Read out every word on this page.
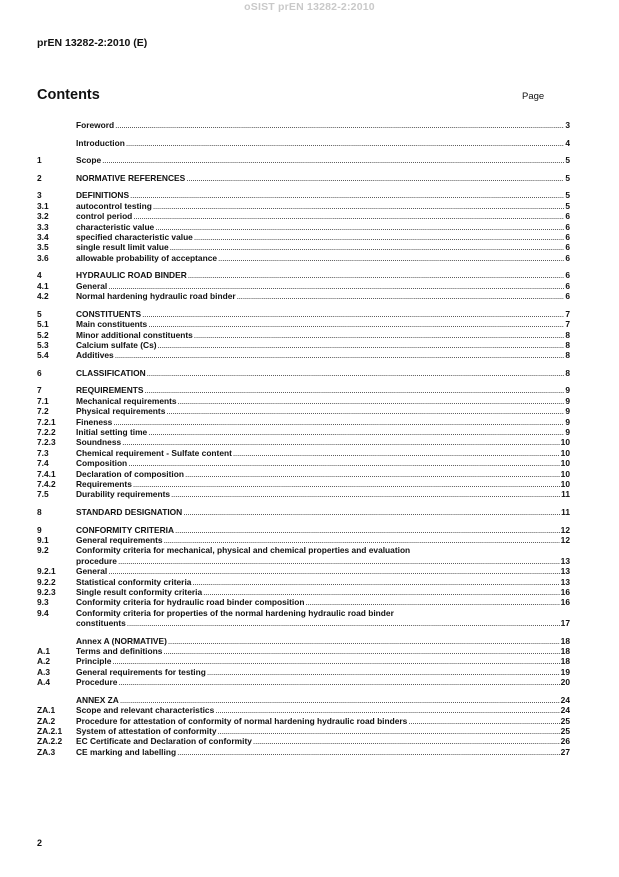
oSIST prEN 13282-2:2010
prEN 13282-2:2010 (E)
Contents	Page
Foreword .....	3
Introduction .....	4
1	Scope .....	5
2	NORMATIVE REFERENCES .....	5
3	DEFINITIONS .....	5
3.1	autocontrol testing .....	5
3.2	control period .....	6
3.3	characteristic value .....	6
3.4	specified characteristic value .....	6
3.5	single result limit value .....	6
3.6	allowable probability of acceptance .....	6
4	HYDRAULIC ROAD BINDER .....	6
4.1	General .....	6
4.2	Normal hardening hydraulic road binder .....	6
5	CONSTITUENTS .....	7
5.1	Main constituents .....	7
5.2	Minor additional constituents .....	8
5.3	Calcium sulfate (Cs) .....	8
5.4	Additives .....	8
6	CLASSIFICATION .....	8
7	REQUIREMENTS .....	9
7.1	Mechanical requirements .....	9
7.2	Physical requirements .....	9
7.2.1	Fineness .....	9
7.2.2	Initial setting time .....	9
7.2.3	Soundness .....	10
7.3	Chemical requirement - Sulfate content .....	10
7.4	Composition .....	10
7.4.1	Declaration of composition .....	10
7.4.2	Requirements .....	10
7.5	Durability requirements .....	11
8	STANDARD DESIGNATION .....	11
9	CONFORMITY CRITERIA .....	12
9.1	General requirements .....	12
9.2	Conformity criteria for mechanical, physical and chemical properties and evaluation
procedure .....	13
9.2.1	General .....	13
9.2.2	Statistical conformity criteria .....	13
9.2.3	Single result conformity criteria .....	16
9.3	Conformity criteria for hydraulic road binder composition .....	16
9.4	Conformity criteria for properties of the normal hardening hydraulic road binder
constituents .....	17
Annex A (NORMATIVE) .....	18
A.1	Terms and definitions .....	18
A.2	Principle .....	18
A.3	General requirements for testing .....	19
A.4	Procedure .....	20
ANNEX ZA .....	24
ZA.1	Scope and relevant characteristics .....	24
ZA.2	Procedure for attestation of conformity of normal hardening hydraulic road binders .....	25
ZA.2.1	System of attestation of conformity .....	25
ZA.2.2	EC Certificate and Declaration of conformity .....	26
ZA.3	CE marking and labelling .....	27
2
